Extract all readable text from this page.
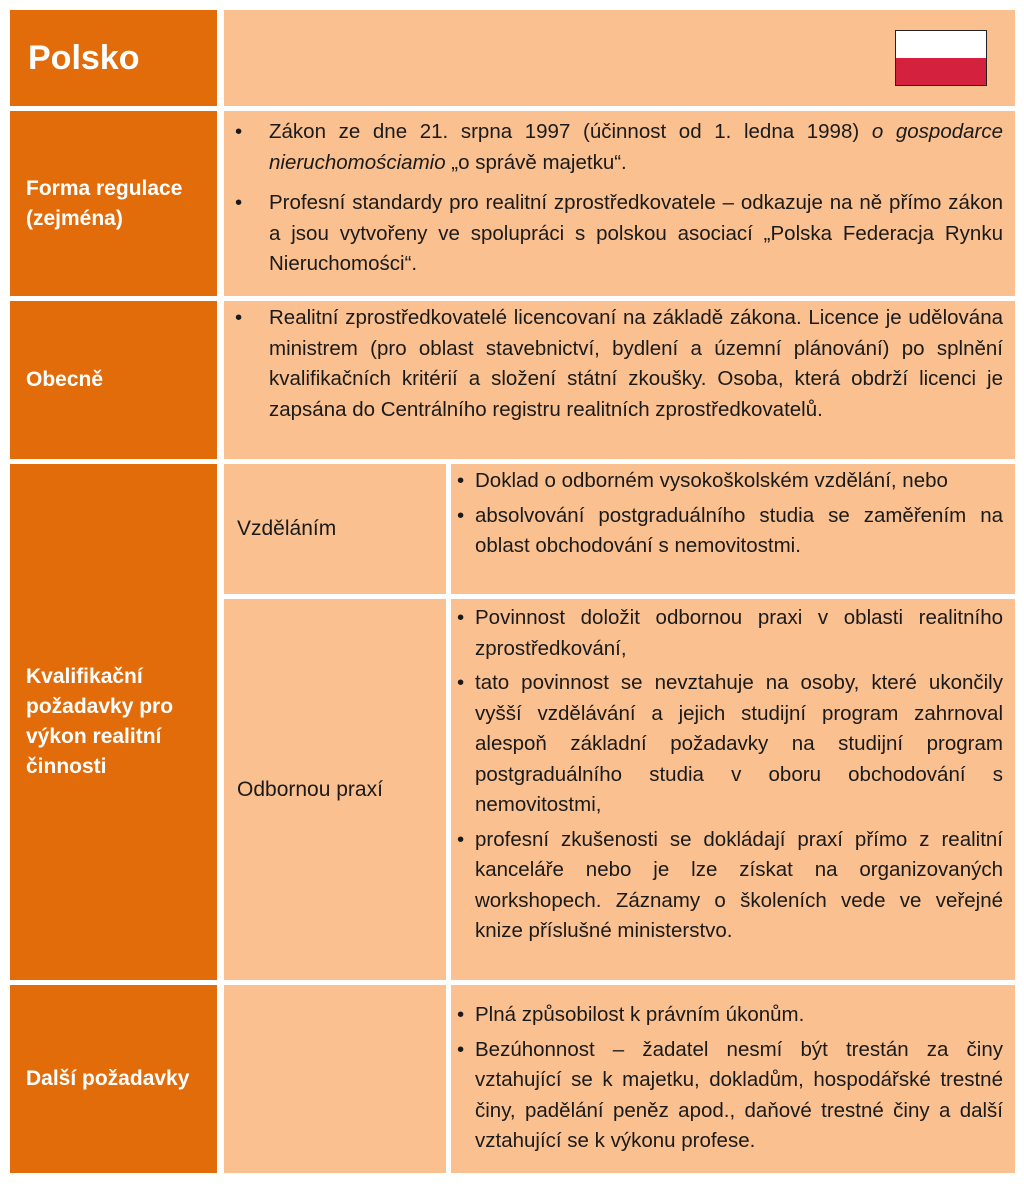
Polsko
Forma regulace (zejména)
• Zákon ze dne 21. srpna 1997 (účinnost od 1. ledna 1998) o gospodarce nieruchomościamio „o správě majetku“.
• Profesní standardy pro realitní zprostředkovatele – odkazuje na ně přímo zákon a jsou vytvořeny ve spolupráci s polskou asociací „Polska Federacja Rynku Nieruchomości“.
Obecně
• Realitní zprostředkovatelé licencovaní na základě zákona. Licence je udělována ministrem (pro oblast stavebnictví, bydlení a územní plánování) po splnění kvalifikačních kritérií a složení státní zkoušky. Osoba, která obdrží licenci je zapsána do Centrálního registru realitních zprostředkovatelů.
Kvalifikační požadavky pro výkon realitní činnosti
Vzděláním
• Doklad o odborném vysokoškolském vzdělání, nebo
• absolvování postgraduálního studia se zaměřením na oblast obchodování s nemovitostmi.
Odbornou praxí
• Povinnost doložit odbornou praxi v oblasti realitního zprostředkování,
• tato povinnost se nevztahuje na osoby, které ukončily vyšší vzdělávání a jejich studijní program zahrnoval alespoň základní požadavky na studijní program postgraduálního studia v oboru obchodování s nemovitostmi,
• profesní zkušenosti se dokládají praxí přímo z realitní kanceláře nebo je lze získat na organizovaných workshopech. Záznamy o školeních vede ve veřejné knize příslušné ministerstvo.
Další požadavky
• Plná způsobilost k právním úkonům.
• Bezúhonnost – žadatel nesmí být trestán za činy vztahující se k majetku, dokladům, hospodářské trestné činy, padělání peněz apod., daňové trestné činy a další vztahující se k výkonu profese.
